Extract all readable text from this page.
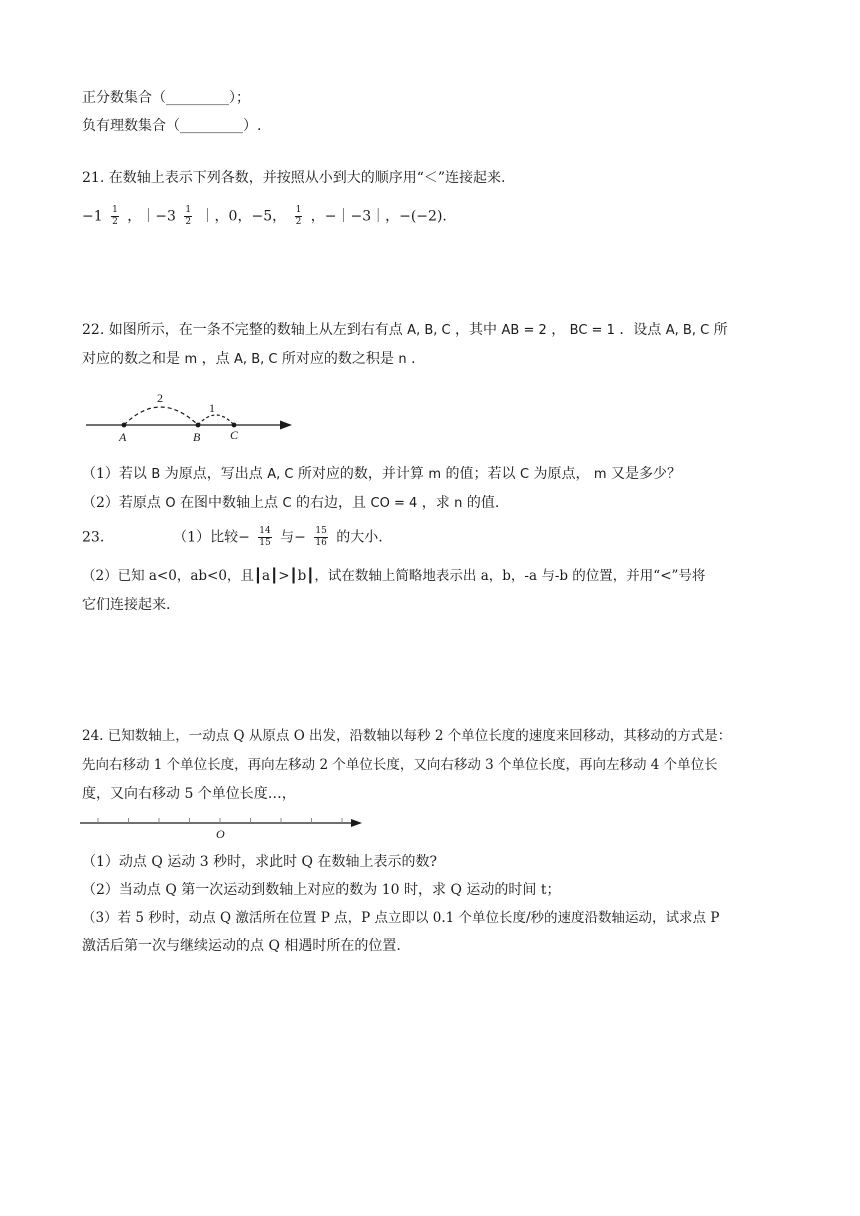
正分数集合（_________）；
负有理数集合（_________）.
21. 在数轴上表示下列各数，并按照从小到大的顺序用“＜”连接起来.
$-1 \frac{1}{2}$ ，｜−3 $\frac{1}{2}$ ｜，0，−5， $\frac{1}{2}$ ，−｜−3｜，−(−2).
22. 如图所示，在一条不完整的数轴上从左到右有点 A, B, C ，其中 AB = 2 ， BC = 1 ．设点 A, B, C 所
对应的数之和是 m ，点 A, B, C 所对应的数之积是 n .
A	B C
2
1
（1）若以 B 为原点，写出点 A, C 所对应的数，并计算 m 的值；若以 C 为原点， m 又是多少？
（2）若原点 O 在图中数轴上点 C 的右边，且 CO = 4 ，求 n 的值.
23.	（1）比较− $\frac{14}{15}$ 与− $\frac{15}{16}$ 的大小.
（2）已知 a<0，ab<0，且┃a┃>┃b┃，试在数轴上简略地表示出 a，b，-a 与-b 的位置，并用“<”号将
它们连接起来.
24. 已知数轴上，一动点 Q 从原点 O 出发，沿数轴以每秒 2 个单位长度的速度来回移动，其移动的方式是：
先向右移动 1 个单位长度，再向左移动 2 个单位长度，又向右移动 3 个单位长度，再向左移动 4 个单位长
度，又向右移动 5 个单位长度…，
O
（1）动点 Q 运动 3 秒时，求此时 Q 在数轴上表示的数?
（2）当动点 Q 第一次运动到数轴上对应的数为 10 时，求 Q 运动的时间 t；
（3）若 5 秒时，动点 Q 激活所在位置 P 点，P 点立即以 0.1 个单位长度/秒的速度沿数轴运动，试求点 P
激活后第一次与继续运动的点 Q 相遇时所在的位置.
